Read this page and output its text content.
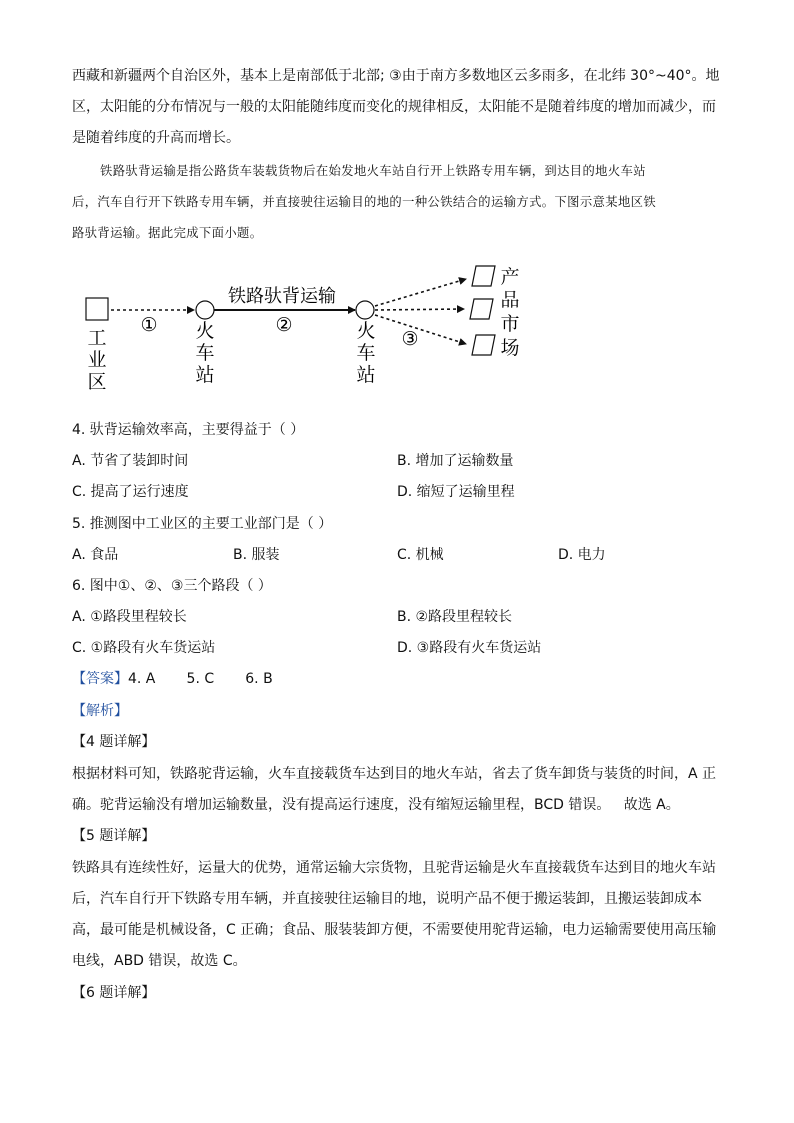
西藏和新疆两个自治区外，基本上是南部低于北部; ③由于南方多数地区云多雨多，在北纬 30°~40°。地
区，太阳能的分布情况与一般的太阳能随纬度而变化的规律相反，太阳能不是随着纬度的增加而减少，而
是随着纬度的升高而增长。
铁路驮背运输是指公路货车装载货物后在始发地火车站自行开上铁路专用车辆，到达目的地火车站
后，汽车自行开下铁路专用车辆，并直接驶往运输目的地的一种公铁结合的运输方式。下图示意某地区铁
路驮背运输。据此完成下面小题。
工
业
区
① 火
车
站
铁路驮背运输
②	火
车
站
③
产
品
市
场
4. 驮背运输效率高，主要得益于（ ）
A. 节省了装卸时间	B. 增加了运输数量
C. 提高了运行速度	D. 缩短了运输里程
5. 推测图中工业区的主要工业部门是（ ）
A. 食品	B. 服装	C. 机械	D. 电力
6. 图中①、②、③三个路段（ ）
A. ①路段里程较长	B. ②路段里程较长
C. ①路段有火车货运站	D. ③路段有火车货运站
【答案】4. A       5. C       6. B
【解析】
【4 题详解】
根据材料可知，铁路驼背运输，火车直接载货车达到目的地火车站，省去了货车卸货与装货的时间，A 正
确。驼背运输没有增加运输数量，没有提高运行速度，没有缩短运输里程，BCD 错误。   故选 A。
【5 题详解】
铁路具有连续性好，运量大的优势，通常运输大宗货物，且驼背运输是火车直接载货车达到目的地火车站
后，汽车自行开下铁路专用车辆，并直接驶往运输目的地，说明产品不便于搬运装卸，且搬运装卸成本
高，最可能是机械设备，C 正确；食品、服装装卸方便，不需要使用驼背运输，电力运输需要使用高压输
电线，ABD 错误，故选 C。
【6 题详解】
